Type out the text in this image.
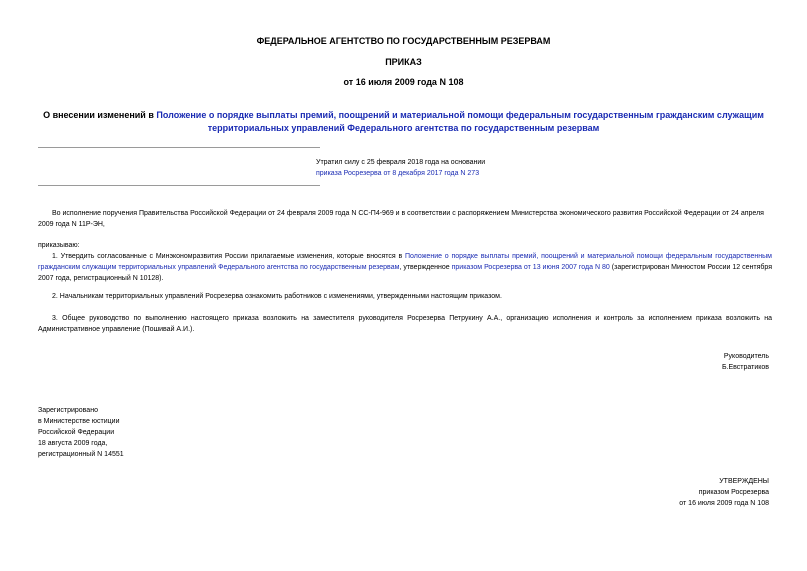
ФЕДЕРАЛЬНОЕ АГЕНТСТВО ПО ГОСУДАРСТВЕННЫМ РЕЗЕРВАМ
ПРИКАЗ
от 16 июля 2009 года N 108
О внесении изменений в Положение о порядке выплаты премий, поощрений и материальной помощи федеральным государственным гражданским служащим территориальных управлений Федерального агентства по государственным резервам
Утратил силу с 25 февраля 2018 года на основании
приказа Росрезерва от 8 декабря 2017 года N 273
Во исполнение поручения Правительства Российской Федерации от 24 февраля 2009 года N СС-П4-969 и в соответствии с распоряжением Министерства экономического развития Российской Федерации от 24 апреля 2009 года N 11Р-ЭН,
приказываю:
1. Утвердить согласованные с Минэкономразвития России прилагаемые изменения, которые вносятся в Положение о порядке выплаты премий, поощрений и материальной помощи федеральным государственным гражданским служащим территориальных управлений Федерального агентства по государственным резервам, утвержденное приказом Росрезерва от 13 июня 2007 года N 80 (зарегистрирован Минюстом России 12 сентября 2007 года, регистрационный N 10128).
2. Начальникам территориальных управлений Росрезерва ознакомить работников с изменениями, утвержденными настоящим приказом.
3. Общее руководство по выполнению настоящего приказа возложить на заместителя руководителя Росрезерва Петрукину А.А., организацию исполнения и контроль за исполнением приказа возложить на Административное управление (Пошивай А.И.).
Руководитель
Б.Евстратиков
Зарегистрировано
в Министерстве юстиции
Российской Федерации
18 августа 2009 года,
регистрационный N 14551
УТВЕРЖДЕНЫ
приказом Росрезерва
от 16 июля 2009 года N 108
